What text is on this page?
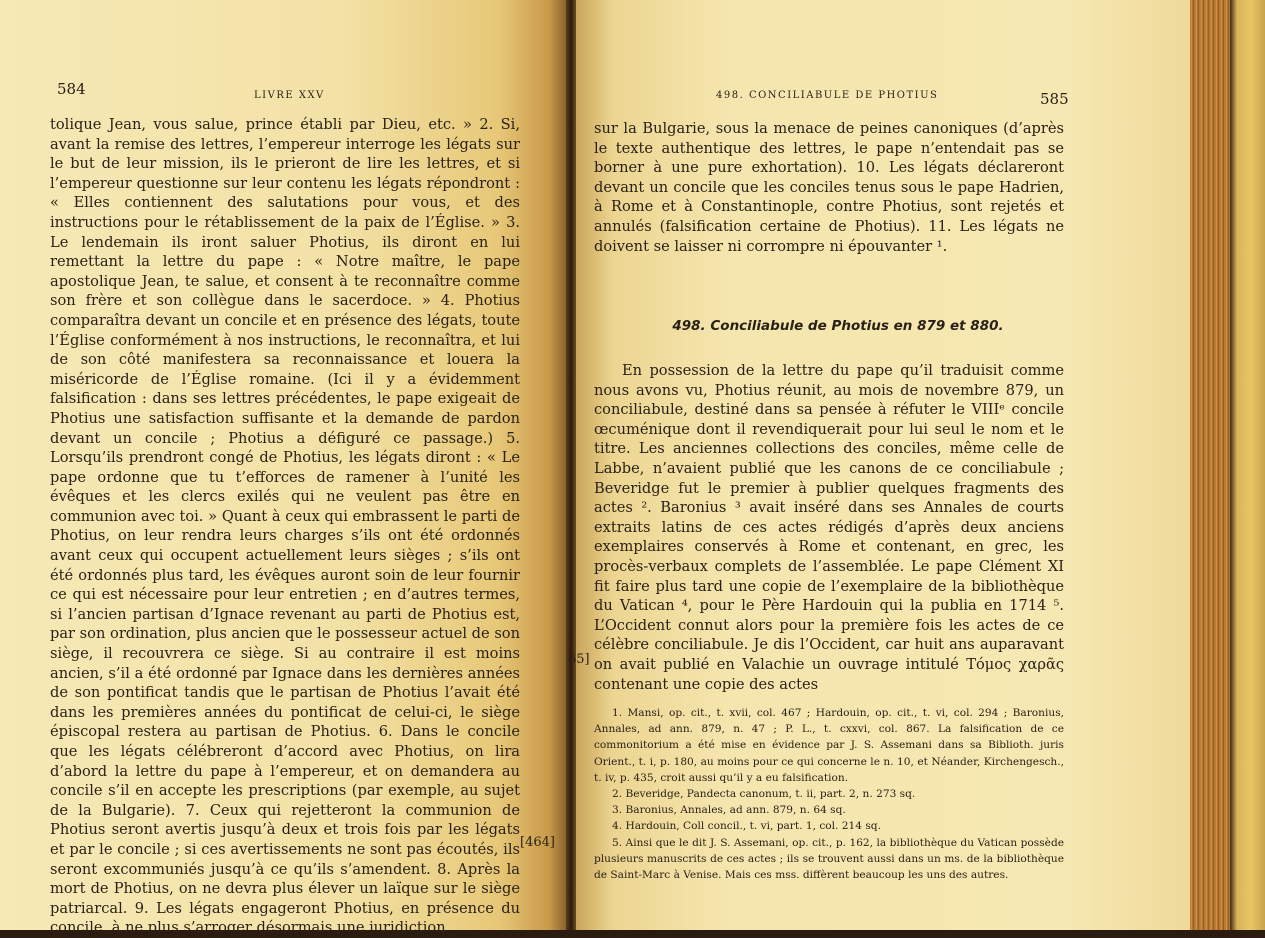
584	LIVRE XXV

tolique Jean, vous salue, prince établi par Dieu, etc. » 2. Si, avant la remise des lettres, l’empereur interroge les légats sur le but de leur mission, ils le prieront de lire les lettres, et si l’empereur questionne sur leur contenu les légats répondront : « Elles contiennent des salutations pour vous, et des instructions pour le rétablissement de la paix de l’Église. » 3. Le lendemain ils iront saluer Photius, ils diront en lui remettant la lettre du pape : « Notre maître, le pape apostolique Jean, te salue, et consent à te reconnaître comme son frère et son collègue dans le sacerdoce. » 4. Photius comparaîtra devant un concile et en présence des légats, toute l’Église conformément à nos instructions, le reconnaîtra, et lui de son côté manifestera sa reconnaissance et louera la miséricorde de l’Église romaine. (Ici il y a évidemment falsification : dans ses lettres précédentes, le pape exigeait de Photius une satisfaction suffisante et la demande de pardon devant un concile ; Photius a défiguré ce passage.) 5. Lorsqu’ils prendront congé de Photius, les légats diront : « Le pape ordonne que tu t’efforces de ramener à l’unité les évêques et les clercs exilés qui ne veulent pas être en communion avec toi. » Quant à ceux qui embrassent le parti de Photius, on leur rendra leurs charges s’ils ont été ordonnés avant ceux qui occupent actuellement leurs sièges ; s’ils ont été ordonnés plus tard, les évêques auront soin de leur fournir ce qui est nécessaire pour leur entretien ; en d’autres termes, si l’ancien partisan d’Ignace revenant au parti de Photius est, par son ordination, plus ancien que le possesseur actuel de son siège, il recouvrera ce siège. Si au contraire il est moins ancien, s’il a été ordonné par Ignace dans les dernières années de son pontificat tandis que le partisan de Photius l’avait été dans les premières années du pontificat de celui-ci, le siège épiscopal restera au partisan de Photius. 6. Dans le concile que les légats célébreront d’accord avec Photius, on lira d’abord la lettre du pape à l’empereur, et on demandera au concile s’il en accepte les prescriptions (par exemple, au sujet de la Bulgarie). 7. Ceux qui rejetteront la communion de Photius seront avertis jusqu’à deux et trois fois par les légats et par le concile ; si ces avertissements ne sont pas écoutés, ils seront excommuniés jusqu’à ce qu’ils s’amendent. 8. Après la mort de Photius, on ne devra plus élever un laïque sur le siège patriarcal. 9. Les légats engageront Photius, en présence du concile, à ne plus s’arroger désormais une juridiction

[464]
498. CONCILIABULE DE PHOTIUS	585
65]

sur la Bulgarie, sous la menace de peines canoniques (d’après le texte authentique des lettres, le pape n’entendait pas se borner à une pure exhortation). 10. Les légats déclareront devant un concile que les conciles tenus sous le pape Hadrien, à Rome et à Constantinople, contre Photius, sont rejetés et annulés (falsification certaine de Photius). 11. Les légats ne doivent se laisser ni corrompre ni épouvanter ¹.

498. Conciliabule de Photius en 879 et 880.

En possession de la lettre du pape qu’il traduisit comme nous avons vu, Photius réunit, au mois de novembre 879, un conciliabule, destiné dans sa pensée à réfuter le VIIIᵉ concile œcuménique dont il revendiquerait pour lui seul le nom et le titre. Les anciennes collections des conciles, même celle de Labbe, n’avaient publié que les canons de ce conciliabule ; Beveridge fut le premier à publier quelques fragments des actes ². Baronius ³ avait inséré dans ses Annales de courts extraits latins de ces actes rédigés d’après deux anciens exemplaires conservés à Rome et contenant, en grec, les procès-verbaux complets de l’assemblée. Le pape Clément XI fit faire plus tard une copie de l’exemplaire de la bibliothèque du Vatican ⁴, pour le Père Hardouin qui la publia en 1714 ⁵. L’Occident connut alors pour la première fois les actes de ce célèbre conciliabule. Je dis l’Occident, car huit ans auparavant on avait publié en Valachie un ouvrage intitulé Τόμος χαρᾶς contenant une copie des actes

1. Mansi, op. cit., t. xvii, col. 467 ; Hardouin, op. cit., t. vi, col. 294 ; Baronius, Annales, ad ann. 879, n. 47 ; P. L., t. cxxvi, col. 867. La falsification de ce commonitorium a été mise en évidence par J. S. Assemani dans sa Biblioth. juris Orient., t. i, p. 180, au moins pour ce qui concerne le n. 10, et Néander, Kirchengesch., t. iv, p. 435, croit aussi qu’il y a eu falsification.

2. Beveridge, Pandecta canonum, t. ii, part. 2, n. 273 sq.

3. Baronius, Annales, ad ann. 879, n. 64 sq.

4. Hardouin, Coll concil., t. vi, part. 1, col. 214 sq.

5. Ainsi que le dit J. S. Assemani, op. cit., p. 162, la bibliothèque du Vatican possède plusieurs manuscrits de ces actes ; ils se trouvent aussi dans un ms. de la bibliothèque de Saint-Marc à Venise. Mais ces mss. diffèrent beaucoup les uns des autres.
